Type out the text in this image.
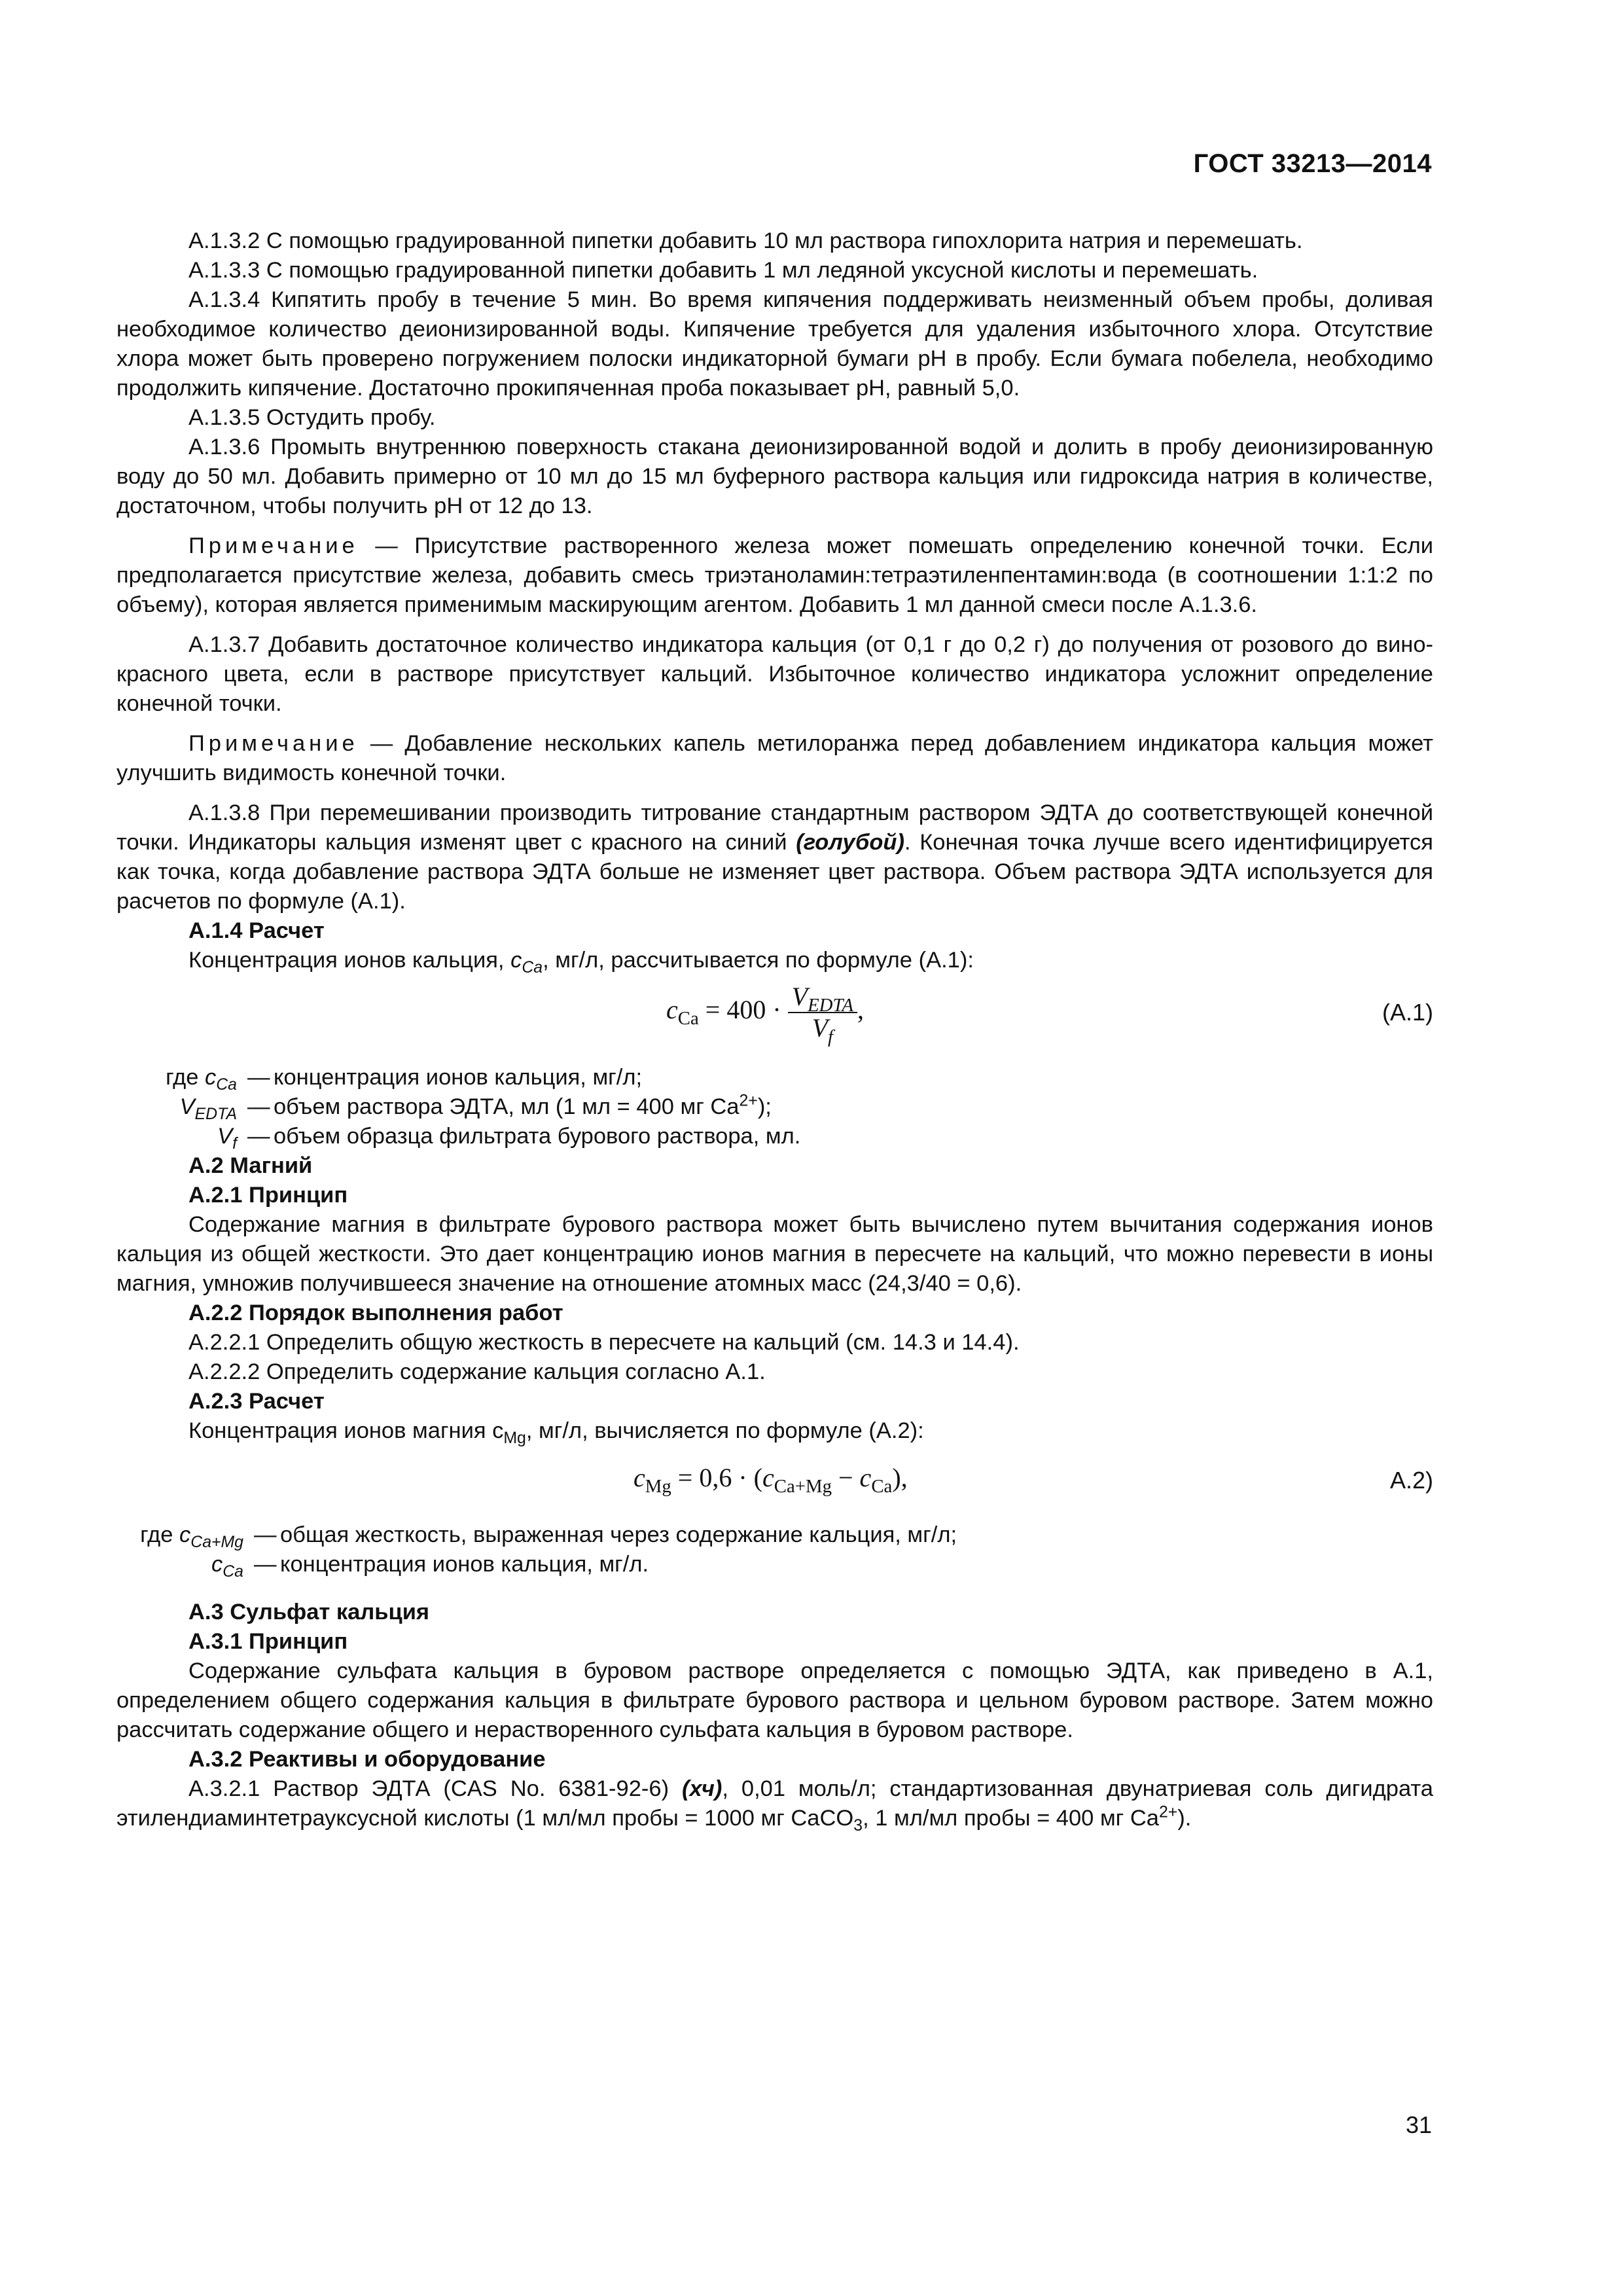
ГОСТ 33213—2014

А.1.3.2 С помощью градуированной пипетки добавить 10 мл раствора гипохлорита натрия и перемешать.

А.1.3.3 С помощью градуированной пипетки добавить 1 мл ледяной уксусной кислоты и перемешать.

А.1.3.4 Кипятить пробу в течение 5 мин. Во время кипячения поддерживать неизменный объем пробы, доливая необходимое количество деионизированной воды. Кипячение требуется для удаления избыточного хлора. Отсутствие хлора может быть проверено погружением полоски индикаторной бумаги рН в пробу. Если бумага побелела, необходимо продолжить кипячение. Достаточно прокипяченная проба показывает рН, равный 5,0.

А.1.3.5 Остудить пробу.

А.1.3.6 Промыть внутреннюю поверхность стакана деионизированной водой и долить в пробу деионизированную воду до 50 мл. Добавить примерно от 10 мл до 15 мл буферного раствора кальция или гидроксида натрия в количестве, достаточном, чтобы получить рН от 12 до 13.

Примечание — Присутствие растворенного железа может помешать определению конечной точки. Если предполагается присутствие железа, добавить смесь триэтаноламин:тетраэтиленпентамин:вода (в соотношении 1:1:2 по объему), которая является применимым маскирующим агентом. Добавить 1 мл данной смеси после А.1.3.6.

А.1.3.7 Добавить достаточное количество индикатора кальция (от 0,1 г до 0,2 г) до получения от розового до вино-красного цвета, если в растворе присутствует кальций. Избыточное количество индикатора усложнит определение конечной точки.

Примечание — Добавление нескольких капель метилоранжа перед добавлением индикатора кальция может улучшить видимость конечной точки.

А.1.3.8 При перемешивании производить титрование стандартным раствором ЭДТА до соответствующей конечной точки. Индикаторы кальция изменят цвет с красного на синий (голубой). Конечная точка лучше всего идентифицируется как точка, когда добавление раствора ЭДТА больше не изменяет цвет раствора. Объем раствора ЭДТА используется для расчетов по формуле (А.1).

А.1.4 Расчет

Концентрация ионов кальция, $c_{Ca}$, мг/л, рассчитывается по формуле (А.1):

$c_{Ca} = 400 \cdot \frac{V_{EDTA}}{V_f}$ ,	(А.1)
где $c_{Ca}$ — концентрация ионов кальция, мг/л;
$V_{EDTA}$ — объем раствора ЭДТА, мл (1 мл = 400 мг $Ca^{2+}$);
$V_f$ — объем образца фильтрата бурового раствора, мл.

А.2 Магний

А.2.1 Принцип

Содержание магния в фильтрате бурового раствора может быть вычислено путем вычитания содержания ионов кальция из общей жесткости. Это дает концентрацию ионов магния в пересчете на кальций, что можно перевести в ионы магния, умножив получившееся значение на отношение атомных масс (24,3/40 = 0,6).

А.2.2 Порядок выполнения работ

А.2.2.1 Определить общую жесткость в пересчете на кальций (см. 14.3 и 14.4).

А.2.2.2 Определить содержание кальция согласно А.1.

А.2.3 Расчет

Концентрация ионов магния $с_{Mg}$, мг/л, вычисляется по формуле (А.2):

$c_{Mg} = 0,6 \cdot (c_{Ca+Mg} - c_{Ca})$,	А.2)
где $c_{Ca+Mg}$ — общая жесткость, выраженная через содержание кальция, мг/л;
$c_{Ca}$ — концентрация ионов кальция, мг/л.

А.3 Сульфат кальция

А.3.1 Принцип

Содержание сульфата кальция в буровом растворе определяется с помощью ЭДТА, как приведено в А.1, определением общего содержания кальция в фильтрате бурового раствора и цельном буровом растворе. Затем можно рассчитать содержание общего и нерастворенного сульфата кальция в буровом растворе.

А.3.2 Реактивы и оборудование

А.3.2.1 Раствор ЭДТА (CAS No. 6381-92-6) (хч), 0,01 моль/л; стандартизованная двунатриевая соль дигидрата этилендиаминтетрауксусной кислоты (1 мл/мл пробы = 1000 мг CaCO$_3$, 1 мл/мл пробы = 400 мг $Ca^{2+}$).

31
